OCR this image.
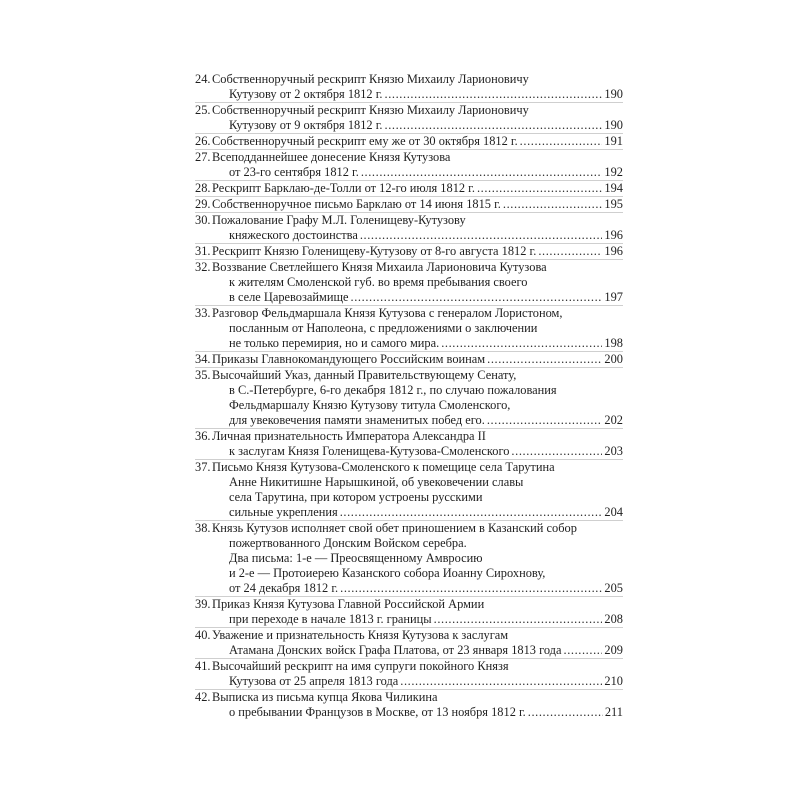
24. Собственноручный рескрипт Князю Михаилу Ларионовичу
Кутузову от 2 октября 1812 г. .....	190
25. Собственноручный рескрипт Князю Михаилу Ларионовичу
Кутузову от 9 октября 1812 г. .....	190
26. Собственноручный рескрипт ему же от 30 октября 1812 г. .....	191
27. Всеподданнейшее донесение Князя Кутузова
от 23-го сентября 1812 г. .....	192
28. Рескрипт Барклаю-де-Толли от 12-го июля 1812 г. .....	194
29. Собственноручное письмо Барклаю от 14 июня 1815 г. .....	195
30. Пожалование Графу М.Л. Голенищеву-Кутузову
княжеского достоинства .....	196
31. Рескрипт Князю Голенищеву-Кутузову от 8-го августа 1812 г. .....	196
32. Воззвание Светлейшего Князя Михаила Ларионовича Кутузова
к жителям Смоленской губ. во время пребывания своего
в селе Царевозаймище .....	197
33. Разговор Фельдмаршала Князя Кутузова с генералом Лористоном,
посланным от Наполеона, с предложениями о заключении
не только перемирия, но и самого мира. .....	198
34. Приказы Главнокомандующего Российским воинам .....	200
35. Высочайший Указ, данный Правительствующему Сенату,
в С.-Петербурге, 6-го декабря 1812 г., по случаю пожалования
Фельдмаршалу Князю Кутузову титула Смоленского,
для увековечения памяти знаменитых побед его. .....	202
36. Личная признательность Императора Александра II
к заслугам Князя Голенищева-Кутузова-Смоленского .....	203
37. Письмо Князя Кутузова-Смоленского к помещице села Тарутина
Анне Никитишне Нарышкиной, об увековечении славы
села Тарутина, при котором устроены русскими
сильные укрепления .....	204
38. Князь Кутузов исполняет свой обет приношением в Казанский собор
пожертвованного Донским Войском серебра.
Два письма: 1-е — Преосвященному Амвросию
и 2-е — Протоиерею Казанского собора Иоанну Сирохнову,
от 24 декабря 1812 г. .....	205
39. Приказ Князя Кутузова Главной Российской Армии
при переходе в начале 1813 г. границы .....	208
40. Уважение и признательность Князя Кутузова к заслугам
Атамана Донских войск Графа Платова, от 23 января 1813 года .....	209
41. Высочайший рескрипт на имя супруги покойного Князя
Кутузова от 25 апреля 1813 года .....	210
42. Выписка из письма купца Якова Чиликина
о пребывании Французов в Москве, от 13 ноября 1812 г. .....	211
